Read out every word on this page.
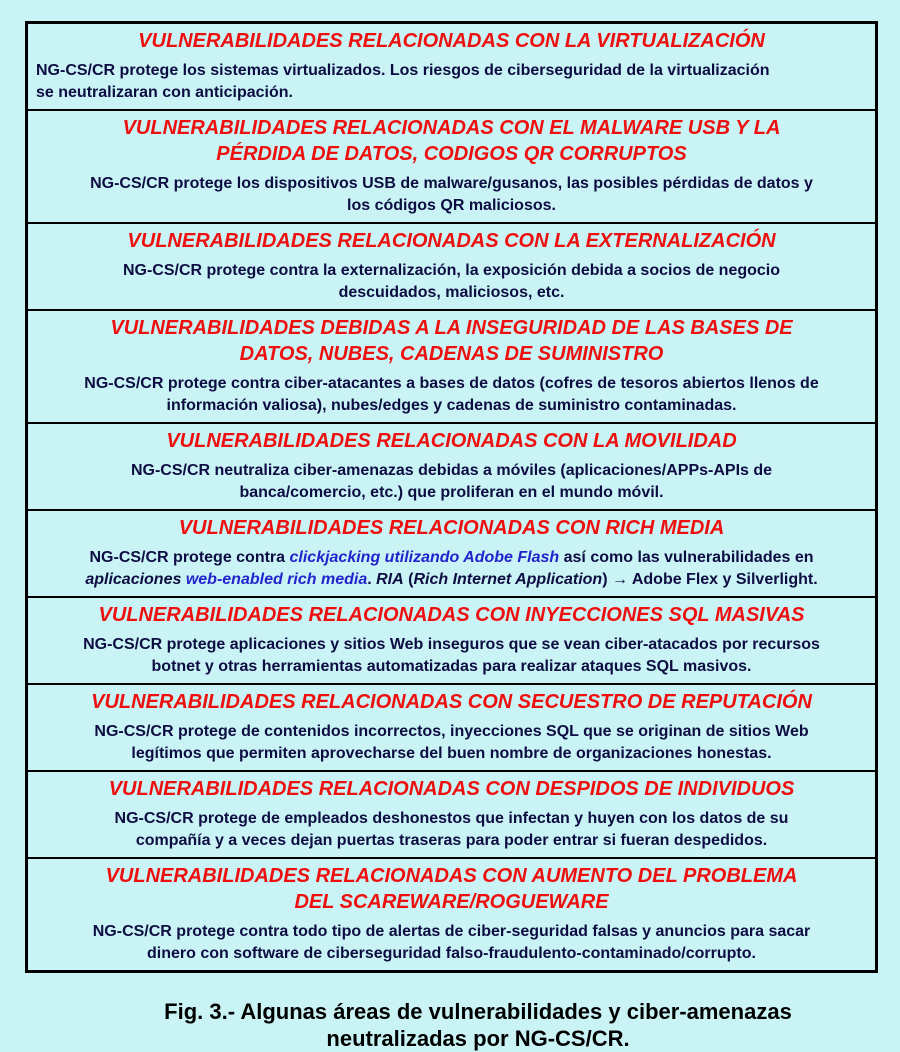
VULNERABILIDADES RELACIONADAS CON LA VIRTUALIZACIÓN
NG-CS/CR protege los sistemas virtualizados. Los riesgos de ciberseguridad de la virtualización
se neutralizaran con anticipación.
VULNERABILIDADES RELACIONADAS CON EL MALWARE USB Y LA
PÉRDIDA DE DATOS, CODIGOS QR CORRUPTOS
NG-CS/CR protege los dispositivos USB de malware/gusanos, las posibles pérdidas de datos y
los códigos QR maliciosos.
VULNERABILIDADES RELACIONADAS CON LA EXTERNALIZACIÓN
NG-CS/CR protege contra la externalización, la exposición debida a socios de negocio
descuidados, maliciosos, etc.
VULNERABILIDADES DEBIDAS A LA INSEGURIDAD DE LAS BASES DE
DATOS, NUBES, CADENAS DE SUMINISTRO
NG-CS/CR protege contra ciber-atacantes a bases de datos (cofres de tesoros abiertos llenos de
información valiosa), nubes/edges y cadenas de suministro contaminadas.
VULNERABILIDADES RELACIONADAS CON LA MOVILIDAD
NG-CS/CR neutraliza ciber-amenazas debidas a móviles (aplicaciones/APPs-APIs de
banca/comercio, etc.) que proliferan en el mundo móvil.
VULNERABILIDADES RELACIONADAS CON RICH MEDIA
NG-CS/CR protege contra clickjacking utilizando Adobe Flash así como las vulnerabilidades en
aplicaciones web-enabled rich media. RIA (Rich Internet Application) → Adobe Flex y Silverlight.
VULNERABILIDADES RELACIONADAS CON INYECCIONES SQL MASIVAS
NG-CS/CR protege aplicaciones y sitios Web inseguros que se vean ciber-atacados por recursos
botnet y otras herramientas automatizadas para realizar ataques SQL masivos.
VULNERABILIDADES RELACIONADAS CON SECUESTRO DE REPUTACIÓN
NG-CS/CR protege de contenidos incorrectos, inyecciones SQL que se originan de sitios Web
legítimos que permiten aprovecharse del buen nombre de organizaciones honestas.
VULNERABILIDADES RELACIONADAS CON DESPIDOS DE INDIVIDUOS
NG-CS/CR protege de empleados deshonestos que infectan y huyen con los datos de su
compañía y a veces dejan puertas traseras para poder entrar si fueran despedidos.
VULNERABILIDADES RELACIONADAS CON AUMENTO DEL PROBLEMA
DEL SCAREWARE/ROGUEWARE
NG-CS/CR protege contra todo tipo de alertas de ciber-seguridad falsas y anuncios para sacar
dinero con software de ciberseguridad falso-fraudulento-contaminado/corrupto.
Fig. 3.- Algunas áreas de vulnerabilidades y ciber-amenazas
neutralizadas por NG-CS/CR.
